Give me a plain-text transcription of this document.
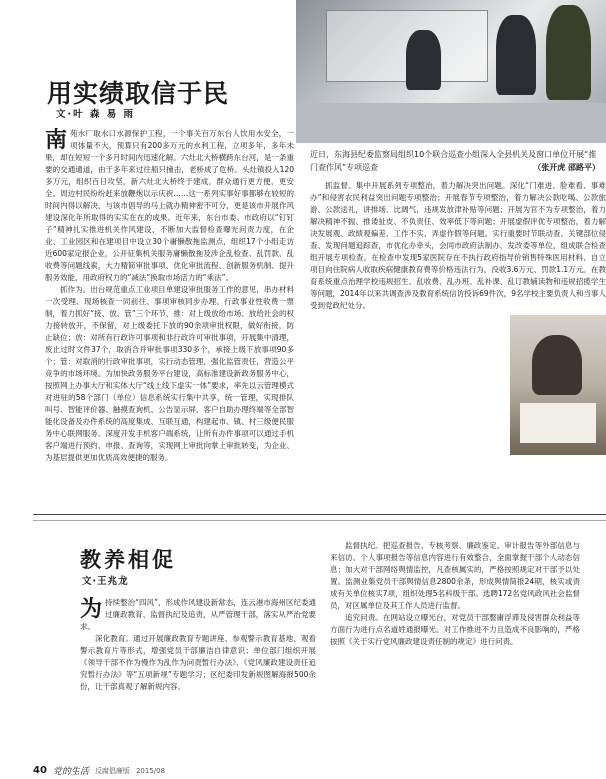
近日，东海县纪委监察局组织10个联合巡查小组深入全县机关及窗口单位开展“推门查作风”专项巡查	（张开虎 邵路平）
用实绩取信于民
文·叶 森 易 雨

南苑水厂取水口水源保护工程，一个事关百万东台人饮用水安全，一项体量不大，预算只有200多万元的水利工程，立项多年，多年未果，却在短短一个多月时间内迅速化解。六灶北大桥横跨东台河，是一条重要的交通通道，由于多年来过往船只撞击，老桥成了危桥。头灶镇投入120多万元，组织百日攻坚，新六灶北大桥终于建成，群众通行更方便、更安全。周边村民纷纷赶来放鞭炮以示庆祝……这一系列实事好事都够在较短的时间内得以解决，与该市倡导的马上就办精神密不可分，更是该市开展作风建设深化年所取得的实实在在的成果。近年来，东台市委、市政府以“钉钉子”精神扎实推进机关作风建设，不断加大监督检查曝光问责力度，在企业、工业园区和在建项目中设立30个庸懒散拖监测点，组织17个小组走访近600家定报企业，公开征集机关服务庸懒散拖及涉企乱检查、乱罚款、乱收费等问题线索，大力精简审批事项、优化审批流程、创新服务机制、提升服务效能，用政府权力的“减法”换取市场活力的“乘法”。

抓作为。出台规范重点工业项目单建设审批服务工作的意见，串办材料一次受理、现场核查一同前往、事项审核同步办理、行政事业性收费一票制，着力抓好“接、放、管”三个环节，推：对上级放给市场、放给社会的权力接转放开，不保留，对上级委托下放的90余项审批权限，做好衔接，防止缺位；放：对所有行政许可事项和非行政许可审批事项，开展集中清理，废止过时文件37个，取消合并审批事项330多个，承接上级下放事项90多个；管：对取消的行政审批事项，实行动态管理，强化监管责任，营造公平竞争的市场环境。为加快政务服务平台建设，高标准建设新政务服务中心，按照网上办事大厅和实体大厅“线上线下虚实一体”要求，率先以云管理模式对进驻的58个部门（单位）信息系统实行集中共享，统一管理，实现排队叫号、智能评价器、触摸查询机、公告显示屏、客户自助办理终端等全部智能化设备及办件系统的高度集成、互联互通，构建起市、镇、村三级便民服务中心联网服务。深度开发手机客户端系统，让所有办件事项可以通过手机客户端进行预约、申报、查询等，实现网上审批向掌上审批转变，为企业、为基层提供更加优质高效便捷的服务。

抓监督。集中开展系列专项整治，着力解决突出问题。深化“门难进、脸难看、事难办”和侵害农民利益突出问题专项整治；开展春节专项整治，着力解决公款吃喝、公款旅游、公款送礼，讲排场、比阔气，违规发放津补贴等问题；开展为官不为专项整治，着力解决精神不振、推诿扯皮、不负责任、效率低下等问题；开展虚假评优专项整治，着力解决发展观、政绩观偏差、工作不实、弄虚作假等问题。实行重要时节联动查、关键部位侵查、发现问题追踪查，市优化办牵头，会同市政府法制办、发改委等单位，组成联合检查组开展专项检查。在检查中发现5家医院存在不执行政府指导价销售特殊医用材料、自立项目向住院病人收取疾病健康教育费等价格违法行为，没收3.6万元、罚款1.1万元。在教育系统重点治理学校违规招生、乱收费、乱办班、乱补课、乱订教辅读物和违规招揽学生等问题，2014年以来共调查涉及教育系统信访投诉69件次，9名学校主要负责人和当事人受到党政纪处分。

教养相促
文·王兆龙

为持续整治“四风”，形成作风建设新常态，连云港市海州区纪委通过廉政教育、监督执纪及追责，从严管理干部，落实从严治党要求。

深化教育。通过开展廉政教育专题讲座、参观警示教育基地、观看警示教育片等形式，增强党员干部廉洁自律意识；单位部门组织开展《领导干部不作为慢作为乱作为问责暂行办法》、《党风廉政建设责任追究暂行办法》等“五项新规”专题学习；区纪委印发新规图解海报500余份，让干部真观了解新规内容。

监督执纪。把巡查报告、专核考察、廉政鉴定、审计报告等外部信息与来信访、个人事项报告等信息内容进行有效整合，全面掌握干部个人动态信息；加大对干部网络舆情监控，凡查核属实的，严格按照规定对干部予以处置。监测业集党员干部舆情信息2800余条，形成舆情简报24期，核实或责成有关单位核实7项，组织处理5名科级干部。选聘172名党风政风社会监督员，对区属单位及其工作人员进行监督。

追究问责。在网站设立曝光台，对党员干部整庸浮滞及侵害群众利益等方面行为进行点名道姓通报曝光。对工作推进不力且造成不良影响的，严格按照《关于实行党风廉政建设责任制的规定》进行问责。

40 党的生活 反腐倡廉版 2015/08
